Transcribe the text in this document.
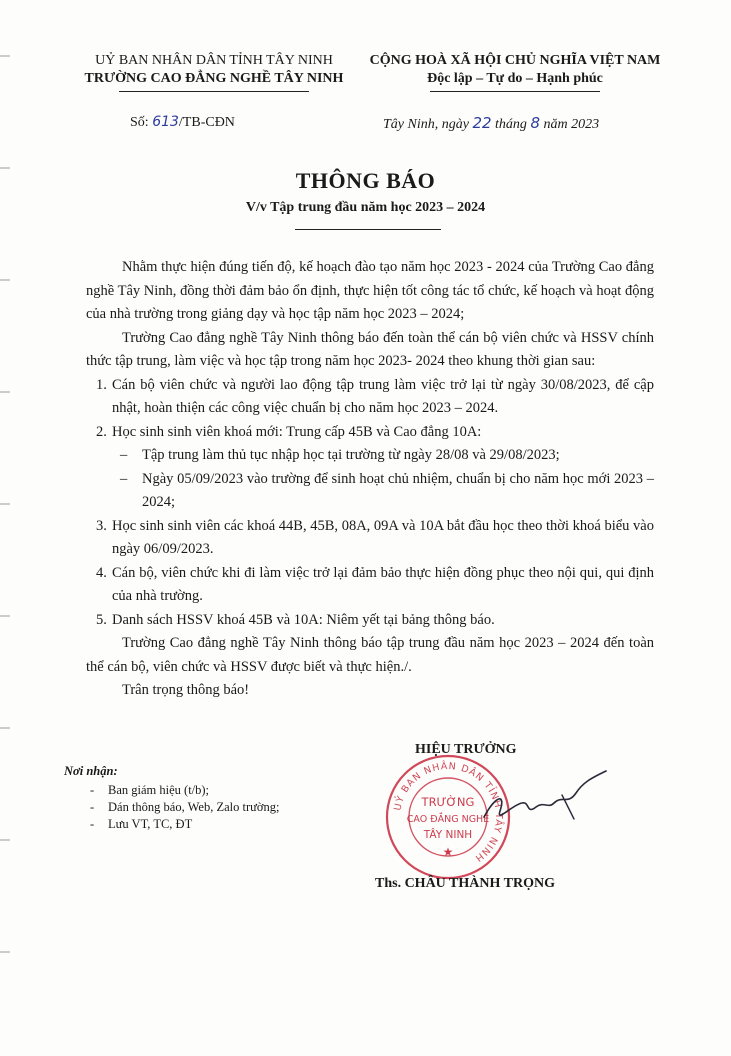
UỶ BAN NHÂN DÂN TỈNH TÂY NINH
TRƯỜNG CAO ĐẲNG NGHỀ TÂY NINH
CỘNG HOÀ XÃ HỘI CHỦ NGHĨA VIỆT NAM
Độc lập – Tự do – Hạnh phúc
Số: 613/TB-CĐN	Tây Ninh, ngày 22 tháng 8 năm 2023
THÔNG BÁO
V/v Tập trung đầu năm học 2023 – 2024
Nhằm thực hiện đúng tiến độ, kế hoạch đào tạo năm học 2023 - 2024 của Trường Cao đẳng nghề Tây Ninh, đồng thời đảm bảo ổn định, thực hiện tốt công tác tổ chức, kế hoạch và hoạt động của nhà trường trong giảng dạy và học tập năm học 2023 – 2024;
Trường Cao đẳng nghề Tây Ninh thông báo đến toàn thể cán bộ viên chức và HSSV chính thức tập trung, làm việc và học tập trong năm học 2023- 2024 theo khung thời gian sau:
1. Cán bộ viên chức và người lao động tập trung làm việc trở lại từ ngày 30/08/2023, để cập nhật, hoàn thiện các công việc chuẩn bị cho năm học 2023 – 2024.
2. Học sinh sinh viên khoá mới: Trung cấp 45B và Cao đẳng 10A:
– Tập trung làm thủ tục nhập học tại trường từ ngày 28/08 và 29/08/2023;
– Ngày 05/09/2023 vào trường để sinh hoạt chủ nhiệm, chuẩn bị cho năm học mới 2023 – 2024;
3. Học sinh sinh viên các khoá 44B, 45B, 08A, 09A và 10A bắt đầu học theo thời khoá biểu vào ngày 06/09/2023.
4. Cán bộ, viên chức khi đi làm việc trở lại đảm bảo thực hiện đồng phục theo nội qui, qui định của nhà trường.
5. Danh sách HSSV khoá 45B và 10A: Niêm yết tại bảng thông báo.
Trường Cao đẳng nghề Tây Ninh thông báo tập trung đầu năm học 2023 – 2024 đến toàn thể cán bộ, viên chức và HSSV được biết và thực hiện./.
Trân trọng thông báo!
Nơi nhận:
- Ban giám hiệu (t/b);
- Dán thông báo, Web, Zalo trường;
- Lưu VT, TC, ĐT
UỶ BAN NHÂN DÂN TỈNH TÂY NINH
TRƯỜNG
CAO ĐẲNG NGHỀ
TÂY NINH
★
HIỆU TRƯỞNG
Ths. CHÂU THÀNH TRỌNG
